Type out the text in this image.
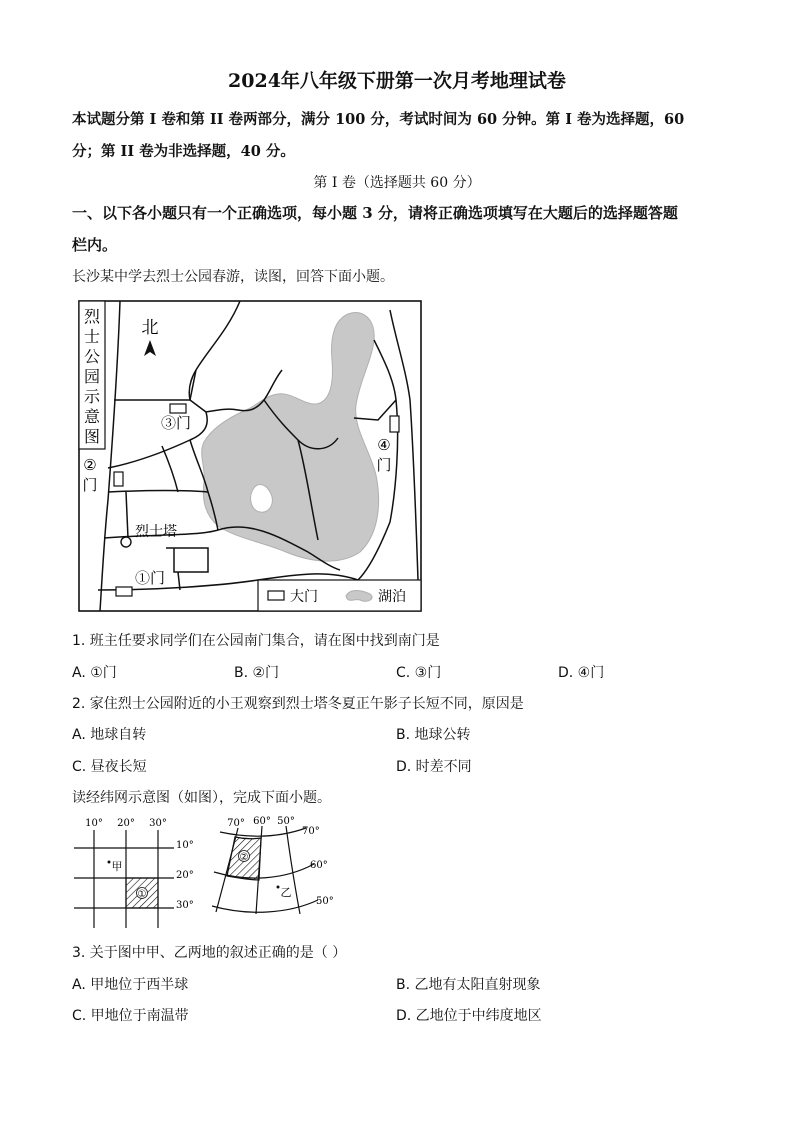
2024年八年级下册第一次月考地理试卷
本试题分第 I 卷和第 II 卷两部分，满分 100 分，考试时间为 60 分钟。第 I 卷为选择题，60
分；第 II 卷为非选择题，40 分。
第 I 卷（选择题共 60 分）
一、以下各小题只有一个正确选项，每小题 3 分，请将正确选项填写在大题后的选择题答题
栏内。
长沙某中学去烈士公园春游，读图，回答下面小题。
烈
士
公
园
示
意
图
北
③门
④
门
②
门
烈士塔
①门
大门	湖泊
1. 班主任要求同学们在公园南门集合，请在图中找到南门是
A. ①门	B. ②门	C. ③门	D. ④门
2. 家住烈士公园附近的小王观察到烈士塔冬夏正午影子长短不同，原因是
A. 地球自转	B. 地球公转
C. 昼夜长短	D. 时差不同
读经纬网示意图（如图），完成下面小题。
10° 20° 30°
①
甲
10°
20°
30°
70° 60° 50°
②
乙
70°
60°
50°
3. 关于图中甲、乙两地的叙述正确的是（ ）
A. 甲地位于西半球	B. 乙地有太阳直射现象
C. 甲地位于南温带	D. 乙地位于中纬度地区
